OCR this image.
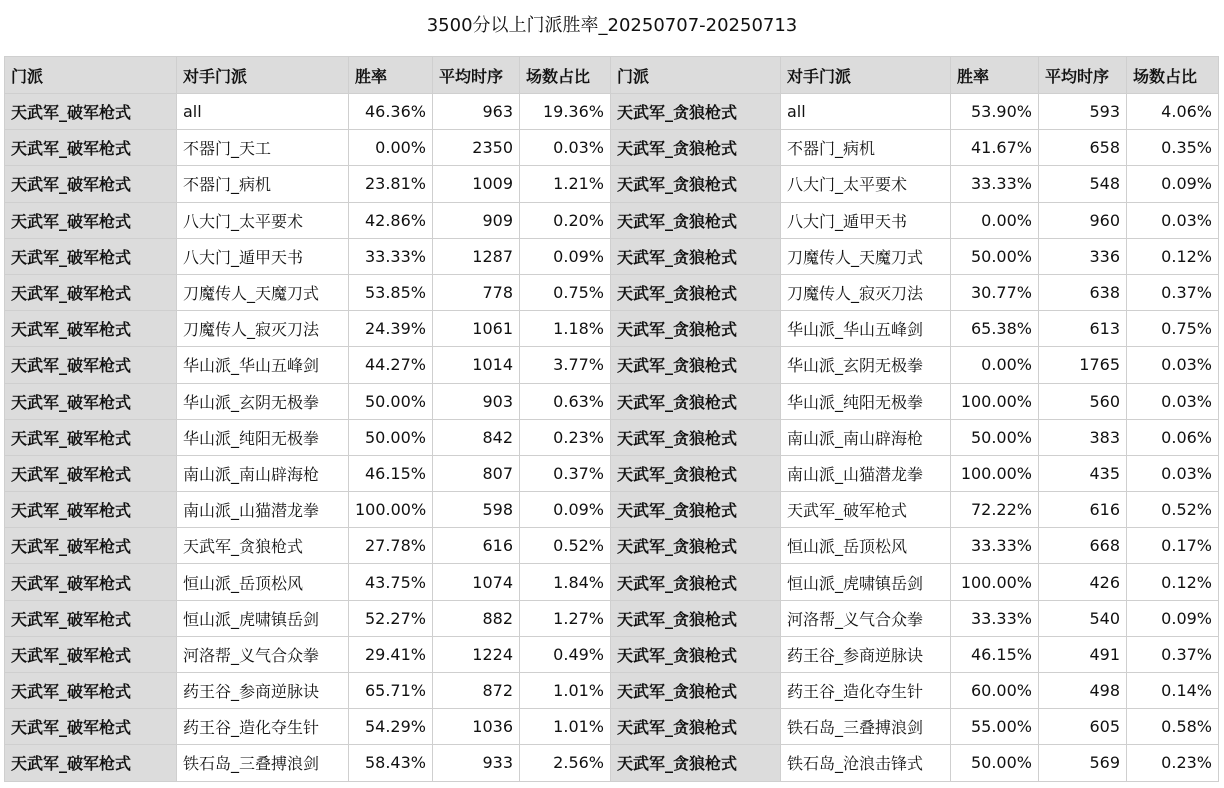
3500分以上门派胜率_20250707-20250713
门派	对手门派	胜率	平均时序	场数占比	门派	对手门派	胜率	平均时序	场数占比
天武军_破军枪式	all	46.36%	963	19.36%	天武军_贪狼枪式	all	53.90%	593	4.06%
天武军_破军枪式	不器门_天工	0.00%	2350	0.03%	天武军_贪狼枪式	不器门_病机	41.67%	658	0.35%
天武军_破军枪式	不器门_病机	23.81%	1009	1.21%	天武军_贪狼枪式	八大门_太平要术	33.33%	548	0.09%
天武军_破军枪式	八大门_太平要术	42.86%	909	0.20%	天武军_贪狼枪式	八大门_遁甲天书	0.00%	960	0.03%
天武军_破军枪式	八大门_遁甲天书	33.33%	1287	0.09%	天武军_贪狼枪式	刀魔传人_天魔刀式	50.00%	336	0.12%
天武军_破军枪式	刀魔传人_天魔刀式	53.85%	778	0.75%	天武军_贪狼枪式	刀魔传人_寂灭刀法	30.77%	638	0.37%
天武军_破军枪式	刀魔传人_寂灭刀法	24.39%	1061	1.18%	天武军_贪狼枪式	华山派_华山五峰剑	65.38%	613	0.75%
天武军_破军枪式	华山派_华山五峰剑	44.27%	1014	3.77%	天武军_贪狼枪式	华山派_玄阴无极拳	0.00%	1765	0.03%
天武军_破军枪式	华山派_玄阴无极拳	50.00%	903	0.63%	天武军_贪狼枪式	华山派_纯阳无极拳	100.00%	560	0.03%
天武军_破军枪式	华山派_纯阳无极拳	50.00%	842	0.23%	天武军_贪狼枪式	南山派_南山辟海枪	50.00%	383	0.06%
天武军_破军枪式	南山派_南山辟海枪	46.15%	807	0.37%	天武军_贪狼枪式	南山派_山猫潜龙拳	100.00%	435	0.03%
天武军_破军枪式	南山派_山猫潜龙拳	100.00%	598	0.09%	天武军_贪狼枪式	天武军_破军枪式	72.22%	616	0.52%
天武军_破军枪式	天武军_贪狼枪式	27.78%	616	0.52%	天武军_贪狼枪式	恒山派_岳顶松风	33.33%	668	0.17%
天武军_破军枪式	恒山派_岳顶松风	43.75%	1074	1.84%	天武军_贪狼枪式	恒山派_虎啸镇岳剑	100.00%	426	0.12%
天武军_破军枪式	恒山派_虎啸镇岳剑	52.27%	882	1.27%	天武军_贪狼枪式	河洛帮_义气合众拳	33.33%	540	0.09%
天武军_破军枪式	河洛帮_义气合众拳	29.41%	1224	0.49%	天武军_贪狼枪式	药王谷_参商逆脉诀	46.15%	491	0.37%
天武军_破军枪式	药王谷_参商逆脉诀	65.71%	872	1.01%	天武军_贪狼枪式	药王谷_造化夺生针	60.00%	498	0.14%
天武军_破军枪式	药王谷_造化夺生针	54.29%	1036	1.01%	天武军_贪狼枪式	铁石岛_三叠搏浪剑	55.00%	605	0.58%
天武军_破军枪式	铁石岛_三叠搏浪剑	58.43%	933	2.56%	天武军_贪狼枪式	铁石岛_沧浪击锋式	50.00%	569	0.23%
